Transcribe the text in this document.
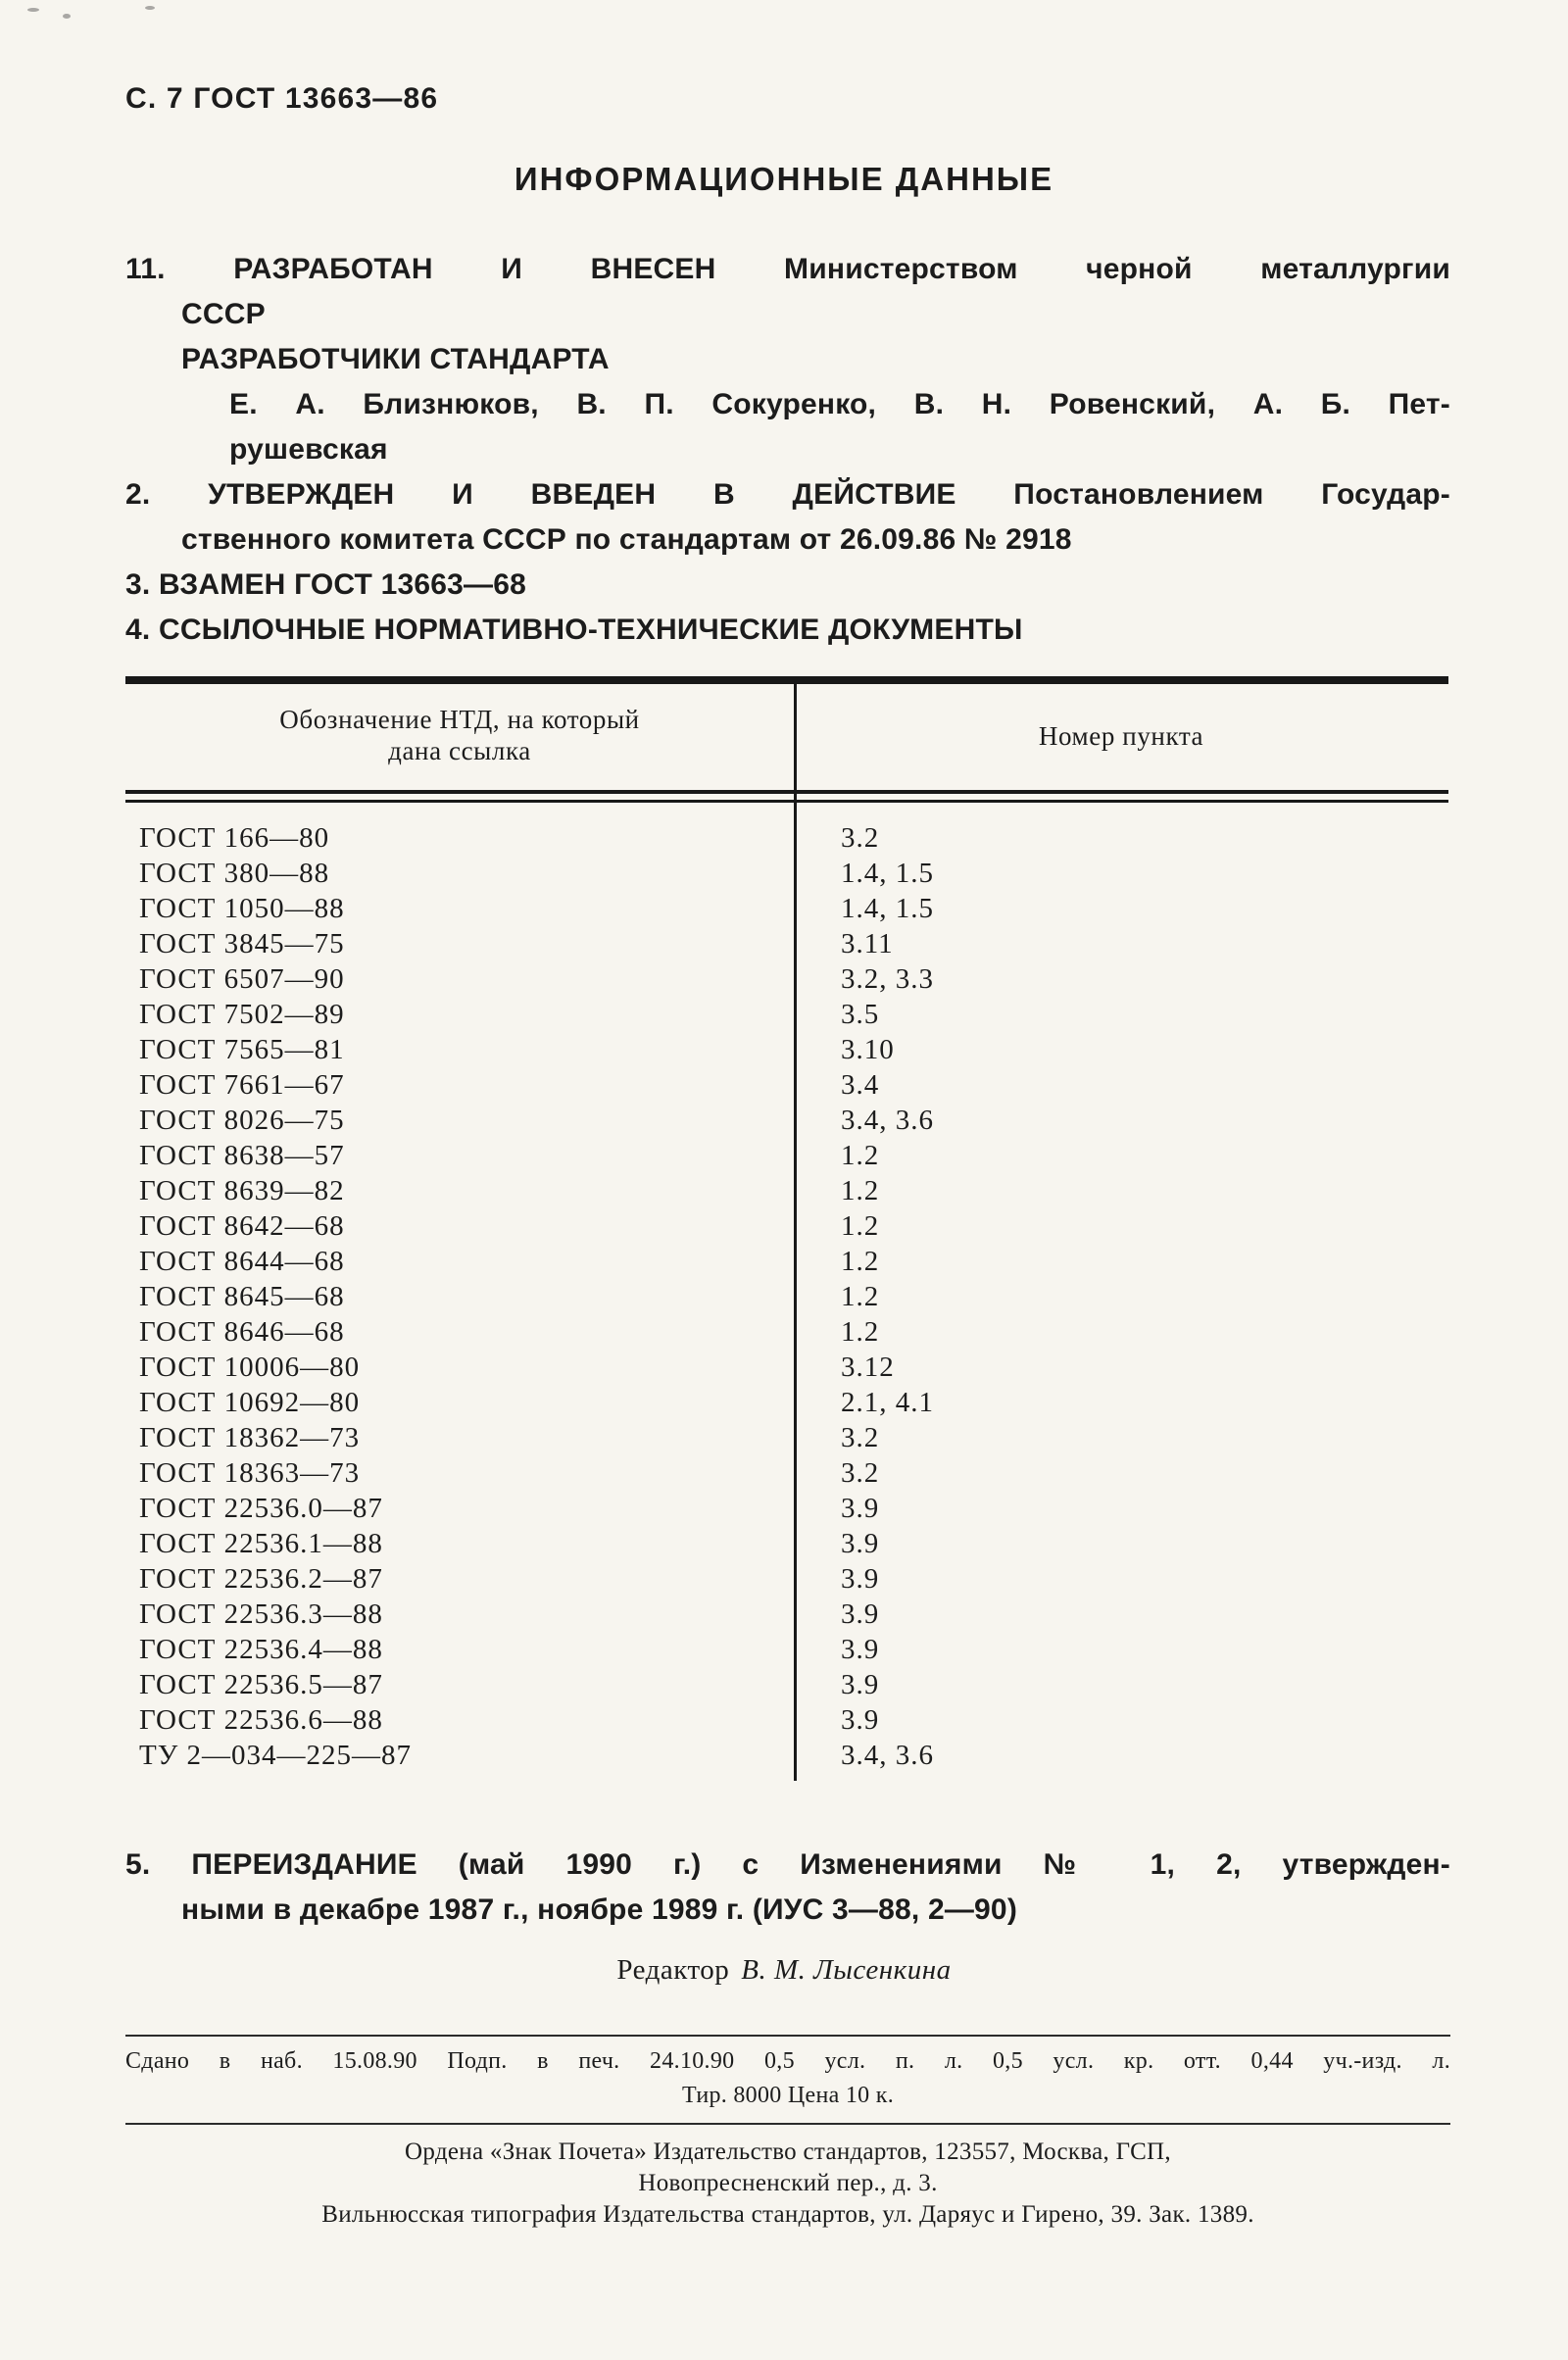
С. 7 ГОСТ 13663—86
ИНФОРМАЦИОННЫЕ ДАННЫЕ
11. РАЗРАБОТАН И ВНЕСЕН Министерством черной металлургии
СССР
РАЗРАБОТЧИКИ СТАНДАРТА
Е. А. Близнюков, В. П. Сокуренко, В. Н. Ровенский, А. Б. Пет-
рушевская
2. УТВЕРЖДЕН И ВВЕДЕН В ДЕЙСТВИЕ Постановлением Государ-
ственного комитета СССР по стандартам от 26.09.86 № 2918
3. ВЗАМЕН ГОСТ 13663—68
4. ССЫЛОЧНЫЕ НОРМАТИВНО-ТЕХНИЧЕСКИЕ ДОКУМЕНТЫ
Обозначение НТД, на который
дана ссылка	Номер пункта
ГОСТ 166—80	3.2
ГОСТ 380—88	1.4, 1.5
ГОСТ 1050—88	1.4, 1.5
ГОСТ 3845—75	3.11
ГОСТ 6507—90	3.2, 3.3
ГОСТ 7502—89	3.5
ГОСТ 7565—81	3.10
ГОСТ 7661—67	3.4
ГОСТ 8026—75	3.4, 3.6
ГОСТ 8638—57	1.2
ГОСТ 8639—82	1.2
ГОСТ 8642—68	1.2
ГОСТ 8644—68	1.2
ГОСТ 8645—68	1.2
ГОСТ 8646—68	1.2
ГОСТ 10006—80	3.12
ГОСТ 10692—80	2.1, 4.1
ГОСТ 18362—73	3.2
ГОСТ 18363—73	3.2
ГОСТ 22536.0—87	3.9
ГОСТ 22536.1—88	3.9
ГОСТ 22536.2—87	3.9
ГОСТ 22536.3—88	3.9
ГОСТ 22536.4—88	3.9
ГОСТ 22536.5—87	3.9
ГОСТ 22536.6—88	3.9
ТУ 2—034—225—87	3.4, 3.6
5. ПЕРЕИЗДАНИЕ (май 1990 г.) с Изменениями № 1, 2, утвержден-
ными в декабре 1987 г., ноябре 1989 г. (ИУС 3—88, 2—90)
Редактор В. М. Лысенкина
Сдано в наб. 15.08.90 Подп. в печ. 24.10.90 0,5 усл. п. л. 0,5 усл. кр. отт. 0,44 уч.-изд. л.
Тир. 8000 Цена 10 к.
Ордена «Знак Почета» Издательство стандартов, 123557, Москва, ГСП,
Новопресненский пер., д. 3.
Вильнюсская типография Издательства стандартов, ул. Даряус и Гирено, 39. Зак. 1389.
